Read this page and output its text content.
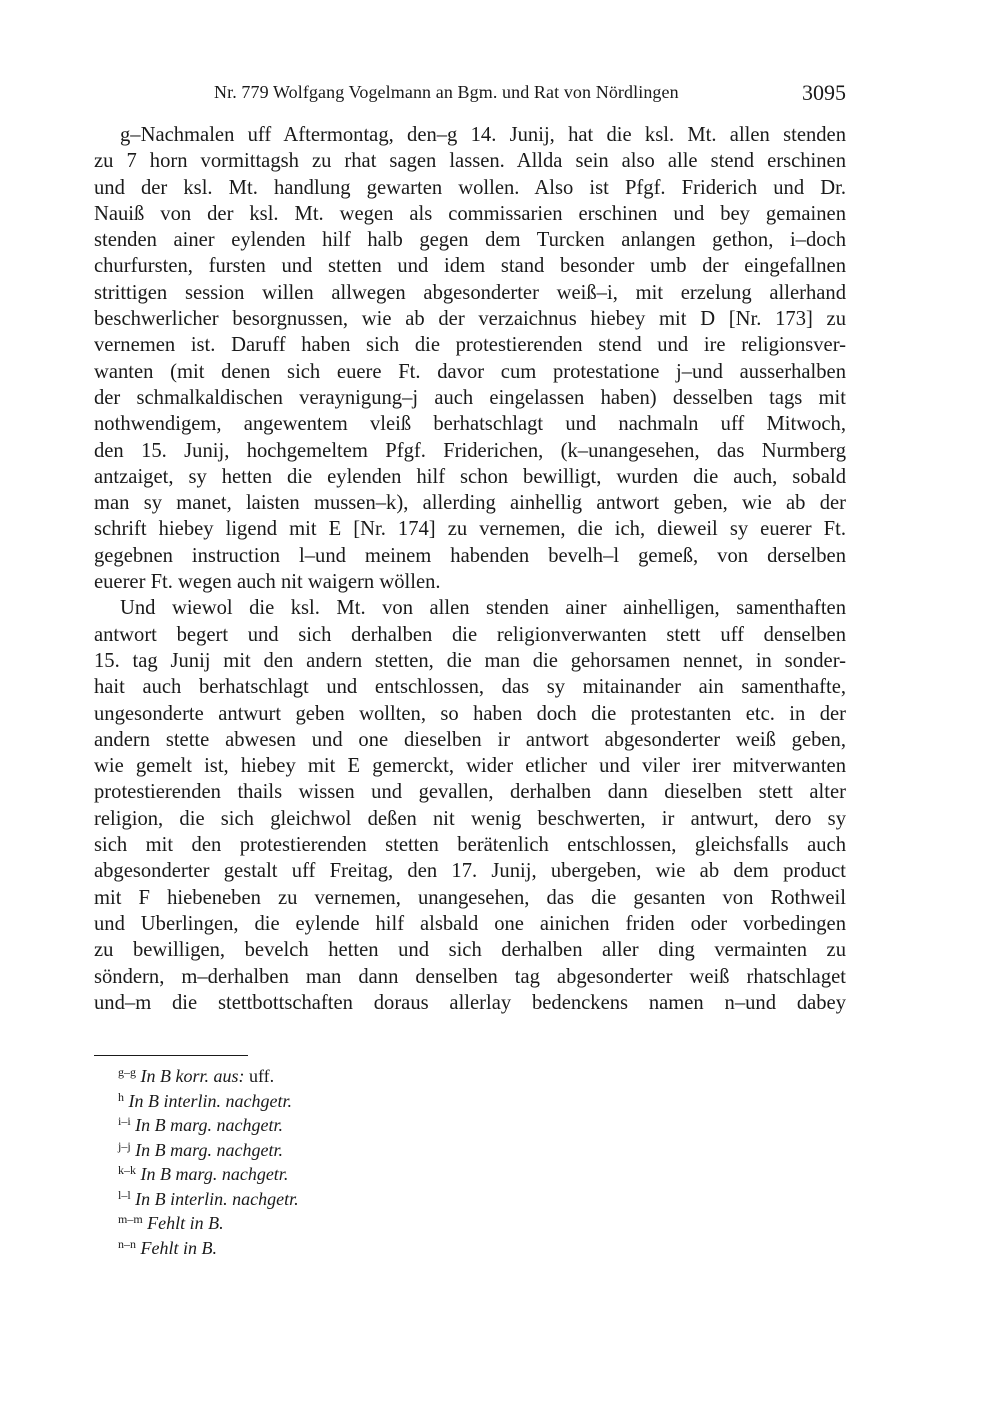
Nr. 779 Wolfgang Vogelmann an Bgm. und Rat von Nördlingen	3095
g–Nachmalen uff Aftermontag, den–g 14. Junij, hat die ksl. Mt. allen stenden
zu 7 horn vormittagsh zu rhat sagen lassen. Allda sein also alle stend erschinen
und der ksl. Mt. handlung gewarten wollen. Also ist Pfgf. Friderich und Dr.
Nauiß von der ksl. Mt. wegen als commissarien erschinen und bey gemainen
stenden ainer eylenden hilf halb gegen dem Turcken anlangen gethon, i–doch
churfursten, fursten und stetten und idem stand besonder umb der eingefallnen
strittigen session willen allwegen abgesonderter weiß–i, mit erzelung allerhand
beschwerlicher besorgnussen, wie ab der verzaichnus hiebey mit D [Nr. 173] zu
vernemen ist. Daruff haben sich die protestierenden stend und ire religionsver-
wanten (mit denen sich euere Ft. davor cum protestatione j–und ausserhalben
der schmalkaldischen veraynigung–j auch eingelassen haben) desselben tags mit
nothwendigem, angewentem vleiß berhatschlagt und nachmaln uff Mitwoch,
den 15. Junij, hochgemeltem Pfgf. Friderichen, (k–unangesehen, das Nurmberg
antzaiget, sy hetten die eylenden hilf schon bewilligt, wurden die auch, sobald
man sy manet, laisten mussen–k), allerding ainhellig antwort geben, wie ab der
schrift hiebey ligend mit E [Nr. 174] zu vernemen, die ich, dieweil sy euerer Ft.
gegebnen instruction l–und meinem habenden bevelh–l gemeß, von derselben
euerer Ft. wegen auch nit waigern wöllen.
Und wiewol die ksl. Mt. von allen stenden ainer ainhelligen, samenthaften
antwort begert und sich derhalben die religionverwanten stett uff denselben
15. tag Junij mit den andern stetten, die man die gehorsamen nennet, in sonder-
hait auch berhatschlagt und entschlossen, das sy mitainander ain samenthafte,
ungesonderte antwurt geben wollten, so haben doch die protestanten etc. in der
andern stette abwesen und one dieselben ir antwort abgesonderter weiß geben,
wie gemelt ist, hiebey mit E gemerckt, wider etlicher und viler irer mitverwanten
protestierenden thails wissen und gevallen, derhalben dann dieselben stett alter
religion, die sich gleichwol deßen nit wenig beschwerten, ir antwurt, dero sy
sich mit den protestierenden stetten berätenlich entschlossen, gleichsfalls auch
abgesonderter gestalt uff Freitag, den 17. Junij, ubergeben, wie ab dem product
mit F hiebeneben zu vernemen, unangesehen, das die gesanten von Rothweil
und Uberlingen, die eylende hilf alsbald one ainichen friden oder vorbedingen
zu bewilligen, bevelch hetten und sich derhalben aller ding vermainten zu
söndern, m–derhalben man dann denselben tag abgesonderter weiß rhatschlaget
und–m die stettbottschaften doraus allerlay bedenckens namen n–und dabey
$^{g-g}$ In B korr. aus: uff.
$^h$ In B interlin. nachgetr.
$^{i-i}$ In B marg. nachgetr.
$^{j-j}$ In B marg. nachgetr.
$^{k-k}$ In B marg. nachgetr.
$^{l-l}$ In B interlin. nachgetr.
$^{m-m}$ Fehlt in B.
$^{n-n}$ Fehlt in B.
